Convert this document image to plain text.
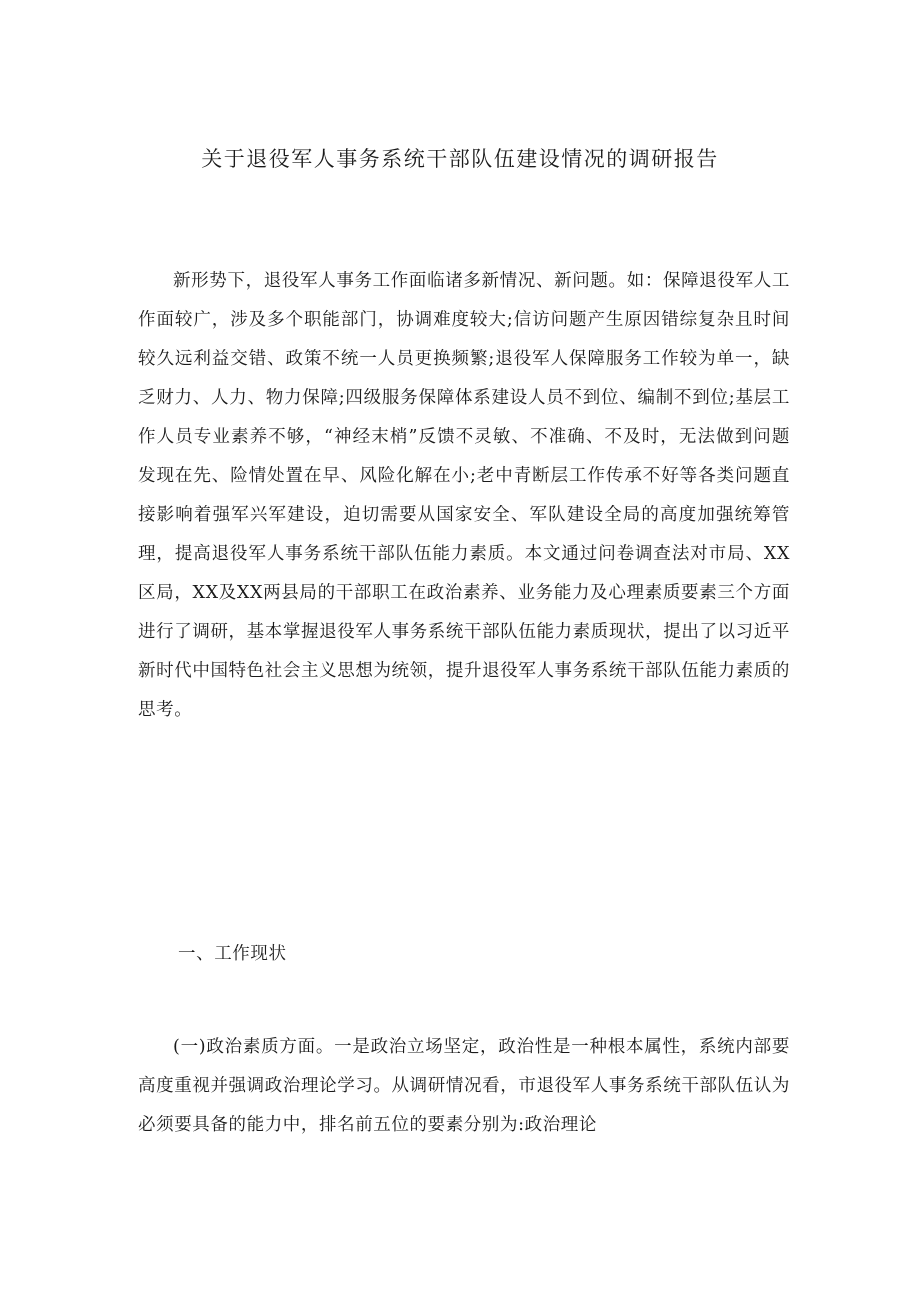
关于退役军人事务系统干部队伍建设情况的调研报告

新形势下，退役军人事务工作面临诸多新情况、新问题。如：保障退役军人工作面较广，涉及多个职能部门，协调难度较大;信访问题产生原因错综复杂且时间较久远利益交错、政策不统一人员更换频繁;退役军人保障服务工作较为单一，缺乏财力、人力、物力保障;四级服务保障体系建设人员不到位、编制不到位;基层工作人员专业素养不够，“神经末梢”反馈不灵敏、不准确、不及时，无法做到问题发现在先、险情处置在早、风险化解在小;老中青断层工作传承不好等各类问题直接影响着强军兴军建设，迫切需要从国家安全、军队建设全局的高度加强统筹管理，提高退役军人事务系统干部队伍能力素质。本文通过问卷调查法对市局、XX区局，XX及XX两县局的干部职工在政治素养、业务能力及心理素质要素三个方面进行了调研，基本掌握退役军人事务系统干部队伍能力素质现状，提出了以习近平新时代中国特色社会主义思想为统领，提升退役军人事务系统干部队伍能力素质的思考。

一、工作现状

(一)政治素质方面。一是政治立场坚定，政治性是一种根本属性，系统内部要高度重视并强调政治理论学习。从调研情况看，市退役军人事务系统干部队伍认为必须要具备的能力中，排名前五位的要素分别为:政治理论
